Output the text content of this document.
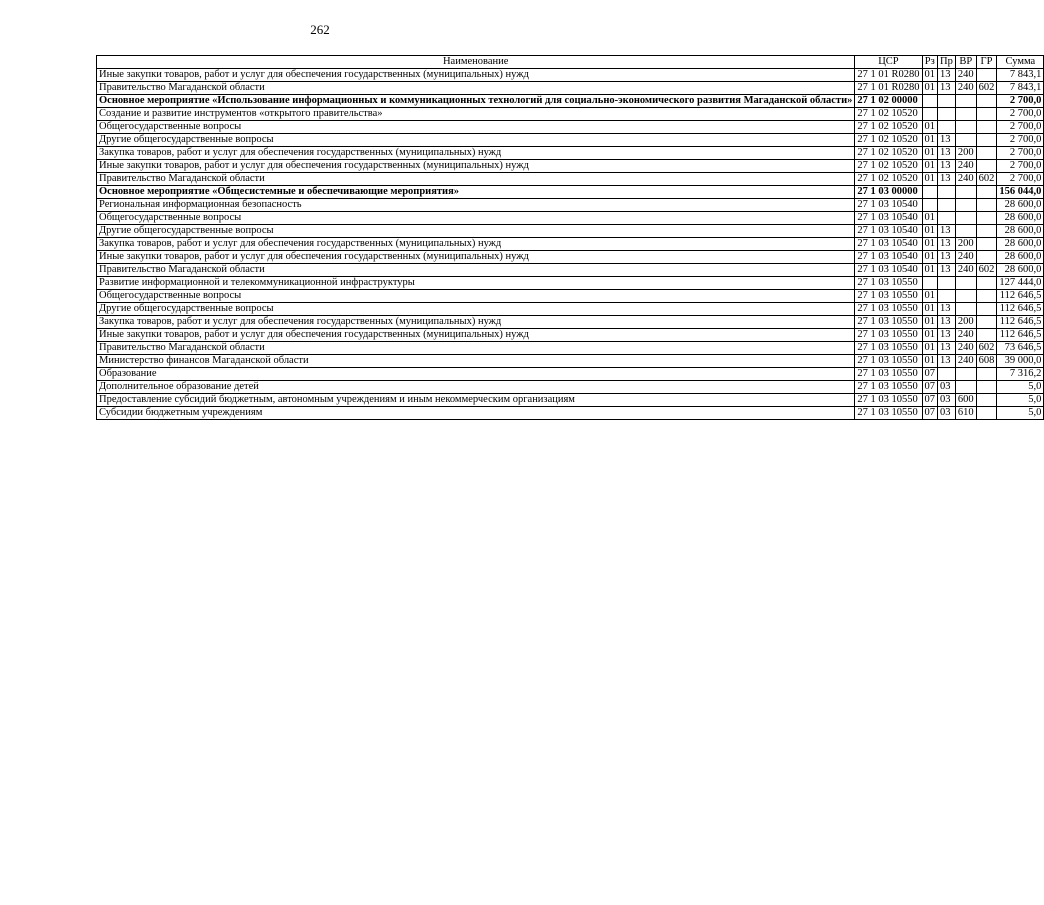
262
Наименование	ЦСР	Рз	Пр	ВР	ГР	Сумма
Иные закупки товаров, работ и услуг для обеспечения государственных (муниципальных) нужд	27 1 01 R0280	01	13	240		7 843,1
Правительство Магаданской области	27 1 01 R0280	01	13	240	602	7 843,1
Основное мероприятие «Использование информационных и коммуникационных технологий для социально-экономического развития Магаданской области»	27 1 02 00000					2 700,0
Создание и развитие инструментов «открытого правительства»	27 1 02 10520					2 700,0
Общегосударственные вопросы	27 1 02 10520	01				2 700,0
Другие общегосударственные вопросы	27 1 02 10520	01	13			2 700,0
Закупка товаров, работ и услуг для обеспечения государственных (муниципальных) нужд	27 1 02 10520	01	13	200		2 700,0
Иные закупки товаров, работ и услуг для обеспечения государственных (муниципальных) нужд	27 1 02 10520	01	13	240		2 700,0
Правительство Магаданской области	27 1 02 10520	01	13	240	602	2 700,0
Основное мероприятие «Общесистемные и обеспечивающие мероприятия»	27 1 03 00000					156 044,0
Региональная информационная безопасность	27 1 03 10540					28 600,0
Общегосударственные вопросы	27 1 03 10540	01				28 600,0
Другие общегосударственные вопросы	27 1 03 10540	01	13			28 600,0
Закупка товаров, работ и услуг для обеспечения государственных (муниципальных) нужд	27 1 03 10540	01	13	200		28 600,0
Иные закупки товаров, работ и услуг для обеспечения государственных (муниципальных) нужд	27 1 03 10540	01	13	240		28 600,0
Правительство Магаданской области	27 1 03 10540	01	13	240	602	28 600,0
Развитие информационной и телекоммуникационной инфраструктуры	27 1 03 10550					127 444,0
Общегосударственные вопросы	27 1 03 10550	01				112 646,5
Другие общегосударственные вопросы	27 1 03 10550	01	13			112 646,5
Закупка товаров, работ и услуг для обеспечения государственных (муниципальных) нужд	27 1 03 10550	01	13	200		112 646,5
Иные закупки товаров, работ и услуг для обеспечения государственных (муниципальных) нужд	27 1 03 10550	01	13	240		112 646,5
Правительство Магаданской области	27 1 03 10550	01	13	240	602	73 646,5
Министерство финансов Магаданской области	27 1 03 10550	01	13	240	608	39 000,0
Образование	27 1 03 10550	07				7 316,2
Дополнительное образование детей	27 1 03 10550	07	03			5,0
Предоставление субсидий бюджетным, автономным учреждениям и иным некоммерческим организациям	27 1 03 10550	07	03	600		5,0
Субсидии бюджетным учреждениям	27 1 03 10550	07	03	610		5,0
